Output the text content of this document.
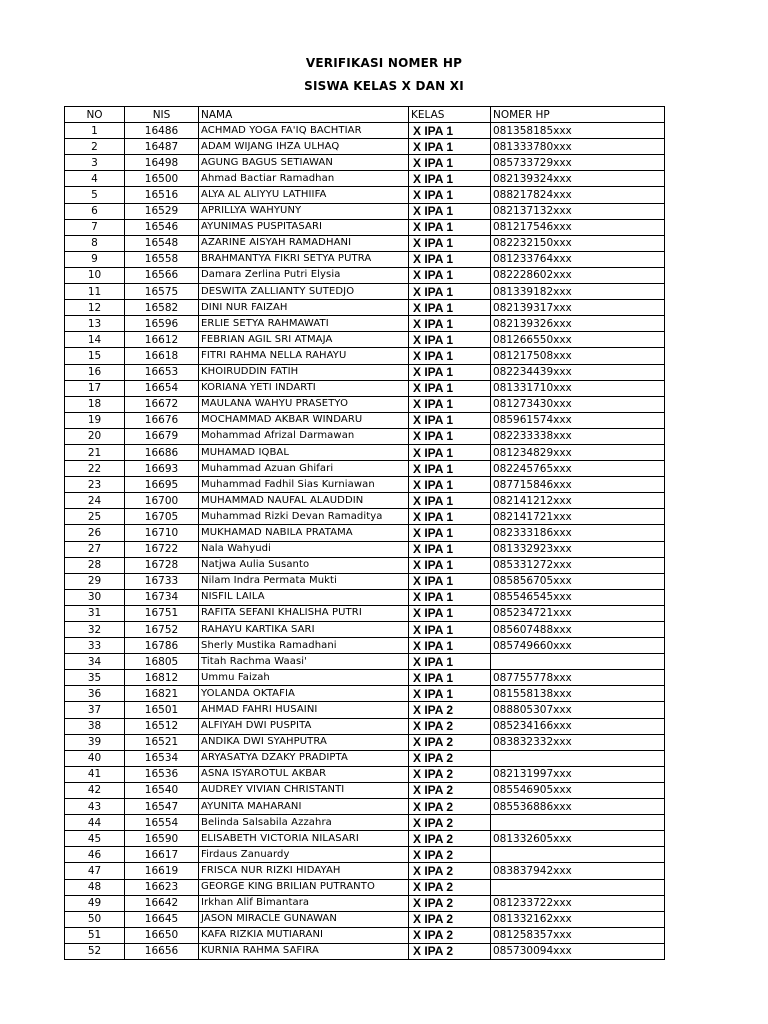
VERIFIKASI NOMER HP
SISWA KELAS X DAN XI
NO	NIS	NAMA	KELAS	NOMER HP
1	16486	ACHMAD YOGA FA'IQ BACHTIAR	X IPA 1	081358185xxx
2	16487	ADAM WIJANG IHZA ULHAQ	X IPA 1	081333780xxx
3	16498	AGUNG BAGUS SETIAWAN	X IPA 1	085733729xxx
4	16500	Ahmad Bactiar Ramadhan	X IPA 1	082139324xxx
5	16516	ALYA AL ALIYYU LATHIIFA	X IPA 1	088217824xxx
6	16529	APRILLYA WAHYUNY	X IPA 1	082137132xxx
7	16546	AYUNIMAS PUSPITASARI	X IPA 1	081217546xxx
8	16548	AZARINE AISYAH RAMADHANI	X IPA 1	082232150xxx
9	16558	BRAHMANTYA FIKRI SETYA PUTRA	X IPA 1	081233764xxx
10	16566	Damara Zerlina Putri Elysia	X IPA 1	082228602xxx
11	16575	DESWITA ZALLIANTY SUTEDJO	X IPA 1	081339182xxx
12	16582	DINI NUR FAIZAH	X IPA 1	082139317xxx
13	16596	ERLIE SETYA RAHMAWATI	X IPA 1	082139326xxx
14	16612	FEBRIAN AGIL SRI ATMAJA	X IPA 1	081266550xxx
15	16618	FITRI RAHMA NELLA RAHAYU	X IPA 1	081217508xxx
16	16653	KHOIRUDDIN FATIH	X IPA 1	082234439xxx
17	16654	KORIANA YETI INDARTI	X IPA 1	081331710xxx
18	16672	MAULANA WAHYU PRASETYO	X IPA 1	081273430xxx
19	16676	MOCHAMMAD AKBAR WINDARU	X IPA 1	085961574xxx
20	16679	Mohammad Afrizal Darmawan	X IPA 1	082233338xxx
21	16686	MUHAMAD IQBAL	X IPA 1	081234829xxx
22	16693	Muhammad Azuan Ghifari	X IPA 1	082245765xxx
23	16695	Muhammad Fadhil Sias Kurniawan	X IPA 1	087715846xxx
24	16700	MUHAMMAD NAUFAL ALAUDDIN	X IPA 1	082141212xxx
25	16705	Muhammad Rizki Devan Ramaditya	X IPA 1	082141721xxx
26	16710	MUKHAMAD NABILA PRATAMA	X IPA 1	082333186xxx
27	16722	Nala Wahyudi	X IPA 1	081332923xxx
28	16728	Natjwa Aulia Susanto	X IPA 1	085331272xxx
29	16733	Nilam Indra Permata Mukti	X IPA 1	085856705xxx
30	16734	NISFIL LAILA	X IPA 1	085546545xxx
31	16751	RAFITA SEFANI KHALISHA PUTRI	X IPA 1	085234721xxx
32	16752	RAHAYU KARTIKA SARI	X IPA 1	085607488xxx
33	16786	Sherly Mustika Ramadhani	X IPA 1	085749660xxx
34	16805	Titah Rachma Waasi'	X IPA 1	
35	16812	Ummu Faizah	X IPA 1	087755778xxx
36	16821	YOLANDA OKTAFIA	X IPA 1	081558138xxx
37	16501	AHMAD FAHRI HUSAINI	X IPA 2	088805307xxx
38	16512	ALFIYAH DWI PUSPITA	X IPA 2	085234166xxx
39	16521	ANDIKA DWI SYAHPUTRA	X IPA 2	083832332xxx
40	16534	ARYASATYA DZAKY PRADIPTA	X IPA 2	
41	16536	ASNA ISYAROTUL AKBAR	X IPA 2	082131997xxx
42	16540	AUDREY VIVIAN CHRISTANTI	X IPA 2	085546905xxx
43	16547	AYUNITA MAHARANI	X IPA 2	085536886xxx
44	16554	Belinda Salsabila Azzahra	X IPA 2	
45	16590	ELISABETH VICTORIA NILASARI	X IPA 2	081332605xxx
46	16617	Firdaus Zanuardy	X IPA 2	
47	16619	FRISCA NUR RIZKI HIDAYAH	X IPA 2	083837942xxx
48	16623	GEORGE KING BRILIAN PUTRANTO	X IPA 2	
49	16642	Irkhan Alif Bimantara	X IPA 2	081233722xxx
50	16645	JASON MIRACLE GUNAWAN	X IPA 2	081332162xxx
51	16650	KAFA RIZKIA MUTIARANI	X IPA 2	081258357xxx
52	16656	KURNIA RAHMA SAFIRA	X IPA 2	085730094xxx
